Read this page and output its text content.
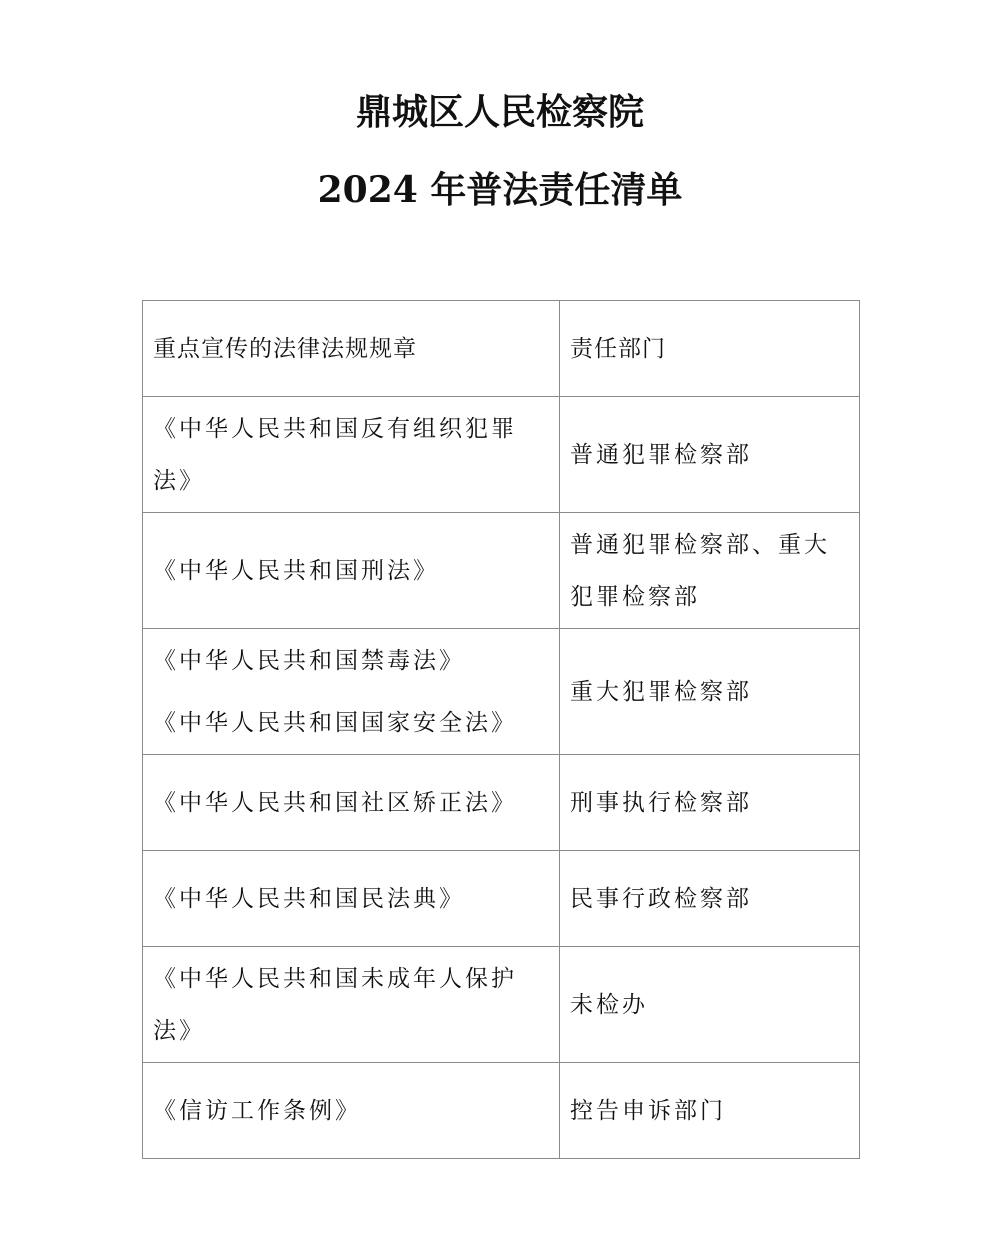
鼎城区人民检察院
2024 年普法责任清单
重点宣传的法律法规规章	责任部门

《中华人民共和国反有组织犯罪法》	普通犯罪检察部

《中华人民共和国刑法》	普通犯罪检察部、重大犯罪检察部

《中华人民共和国禁毒法》
《中华人民共和国国家安全法》	重大犯罪检察部

《中华人民共和国社区矫正法》	刑事执行检察部

《中华人民共和国民法典》	民事行政检察部

《中华人民共和国未成年人保护法》	未检办

《信访工作条例》	控告申诉部门
